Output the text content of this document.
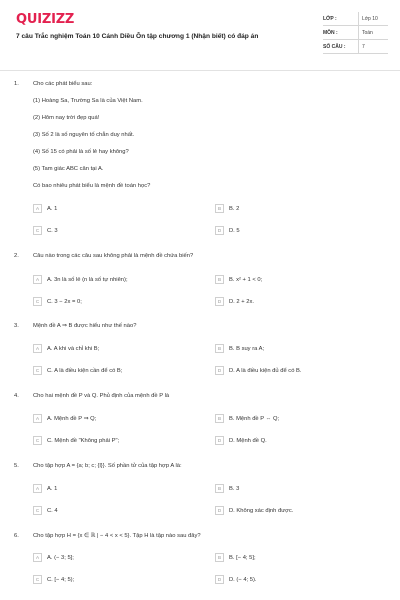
QUIZIZZ
7 câu Trắc nghiệm Toán 10 Cánh Diều Ôn tập chương 1 (Nhận biết) có đáp án
LỚP :	Lớp 10
MÔN :	Toán
SỐ CÂU :	7
1. Cho các phát biểu sau:
(1) Hoàng Sa, Trường Sa là của Việt Nam.
(2) Hôm nay trời đẹp quá!
(3) Số 2 là số nguyên tố chẵn duy nhất.
(4) Số 15 có phải là số lẻ hay không?
(5) Tam giác ABC cân tại A.
Có bao nhiêu phát biểu là mệnh đề toán học?
A	A. 1	B	B. 2
C	C. 3	D	D. 5
2. Câu nào trong các câu sau không phải là mệnh đề chứa biến?
A	A. 3n là số lẻ (n là số tự nhiên);	B	B. x² + 1 < 0;
C	C. 3 − 2x = 0;	D	D. 2 + 2x.
3. Mệnh đề A ⇒ B được hiểu như thế nào?
A	A. A khi và chỉ khi B;	B	B. B suy ra A;
C	C. A là điều kiện cần để có B;	D	D. A là điều kiện đủ để có B.
4. Cho hai mệnh đề P và Q. Phủ định của mệnh đề P là
A	A. Mệnh đề P ⇒ Q;	B	B. Mệnh đề P ⇔ Q;
C	C. Mệnh đề "Không phải P";	D	D. Mệnh đề Q.
5. Cho tập hợp A = {a; b; c; {l}}. Số phần tử của tập hợp A là:
A	A. 1	B	B. 3
C	C. 4	D	D. Không xác định được.
6. Cho tập hợp H = {x ∈ ℝ | − 4 < x < 5}. Tập H là tập nào sau đây?
A	A. (− 3; 5];	B	B. [− 4; 5];
C	C. [− 4; 5);	D	D. (− 4; 5).
